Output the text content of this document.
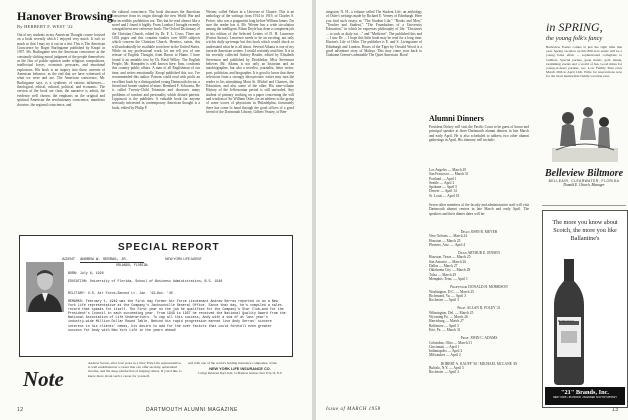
Hanover Browsing
By HERBERT F. WEST '22

Out of my students in my American Thought course focused on a book recently which I enjoyed very much. It isn't so much so that I may try it out on a test. This is The American Conscience by Roger Burlingame published by Knopf in 1957. Mr. Burlingame sees the American conscience as the constantly shifting moral judgment of the people themselves: as the flux of public opinion under religious compulsions, intellectual forces, economic pressures, and emotional explosions. His book is an inquiry into those currents of American behavior, as the end that we have witnessed of what we were and are. The American conscience, Mr. Burlingame says, is a synthesis of various influences—theological, ethical, cultural, political, and economic. The version of the book are clear, the narrative is adroit, the evidence well chosen, the emphasis on the original and spiritual American the revolutionary conscience, manifesto doctrine, the regional conscience, and

the cultural conscience. The book discusses the American conscience from its origin through the new World War and the incredible prohibition era. This but he read almost like a novel and I found it highly. From London I brought recently a magnificent new reference book: The Oxford Dictionary of the Christian Church, edited by Dr. F. L. Cross. There are 1492 pages and this contains studies over 6000 subjects which concern the Christian Church. Heretics, saints, this will undoubtedly be available soon here in the United States. While on my professional work, let me tell you of one reissue of English Thought, from Bacon to Hume. I have found it an amiable text by Dr. Basil Willey. The English People, Mr. Hampden is well known here; Inns, confronts this country public affairs. A man of all Englishman of our time, and writes emotionally. Knopf published this, too. I've recommended this author. Patrons could read with profit an excellent book by a distinguished young Dartmouth doctor, a friend and former student of mine, Bernhard F. Schwartz. He is called Twenty-Child Tetanism and discusses many problems of conduct and personality which disturb parents. Lippincott is the publisher. A valuable book for anyone seriously interested in contemporary American thought is a book, edited by Philip P.

Wiener, called Values in a Universe of Chance. This is an anthology of the writings from 1914 to 1919, of Charles S. Peirce, who was a pragmatist long before William James. I'm sure the reader has it. Mr. Wiener has a wide circulation among the intelligent. Ethan Doyle has done a competent job in his edition of the Selected Letters of D. H. Lawrence (Farrar Straus). Lawrence needs to be an exciting, not only wit-his daily up-tempo but this book which would shock so understand what he is all about. Several Atlanta is one of my favorite American writers. I would certainly read him. It is in his recently collected Aubrey Reader, edited by Elizabeth Stevenson and published by Doubleday. Miss Stevenson believes Mr. Adams is not only an historian and an autobiographer, but also a novelist, journalist, letter writer, poet, politician, and biographer. It is good to know that these selections from a strongly idiosyncratic writer may turn the reader to his stimulating Mont St. Michel and Chartres, the Education, and also some of the other. His nine-volume History of the Jeffersonian period is still unrivaled. Any student of primary working on a paper concerning the will and wisdom of Sir William Osler, for an address to the group of some scores of physicians in Philadelphia, fortunately there has come to hand through the good offices of a good friend of the Dartmouth Library, Gilbert Veazey, of Ben-

SPECIAL REPORT
AGENT ANDREW W. SERRAS, JR.	NEW YORK LIFE AGENT
ORLANDO, FLORIDA
BORN: July 8, 1928
EDUCATION: University of Florida, School of Business Administration, B.S. 1948
MILITARY: U.S. Air Force—Second Lt. Jan. '43—Dec. '45
REMARKS: February 1, 1949 was the first day former Air Force Lieutenant Andrew Serras reported in as a New York Life representative at the Company's Jacksonville General Office. Since that day, he's compiled a sales record that speaks for itself. The first year on the job he qualified for the Company's Star Club—and for the President's Council in each succeeding year. From 1949 to 1957 he received the National Quality Award from the National Association of Life Underwriters. To cap all this success, Andy with a sum of at last year's industry-wide Million Dollar Round Table. Behind his rapid progression earned live Andy Serras' sincere interest in his clients' needs, his desire to add for the over factors that could foretell even greater success for Andy with New York Life in the years ahead!
Note
Andrew Serras, after four years as a New York Life representative, is well established in a career that can offer security, substantial income, and the deep satisfaction of helping others. If you'd like to know more about such a career for yourself,
self with one of the world's leading insurance companies, write:
NEW YORK LIFE INSURANCE CO.
College Relations Dept. D-II, 51 Madison Avenue, New York 10, N.Y.
12	DARTMOUTH ALUMNI MAGAZINE

ningston, N. H., a volume called The Student Life, an anthology of Osler's writings made by Richard E. Verney of Edinburgh. Here you find such essays as "The Student Life," "Books and Men," "Teacher and Student," "The Foundations of a University Education," in which he expresses philosophy of life. "Doctrines ... to such as dialy eat ..." and "Medicine". The published this and ... I saw Dr. ... I hope this little book may be read for a long time. Huston's Life of Osler. The publisher is E. and S. Livingstone of Edinburgh and London. Hours of the Tiger by Oswald Wood is a good adventure story of Malaya. This may come your back to Grahame Greene's admirable The Quiet American. Boos!

Alumni Dinners

President Dickey will visit the Pacific Coast to be guest of honor and principal speaker at three Dartmouth alumni dinners in late March and early April. He is also scheduled to address two other alumni gatherings in April. His itinerary will include:

Los Angeles — March 29
San Francisco — March 31
Portland — April 1
Seattle — April 2
Spokane — April 3
Denver — April 14
St. Louis — April 18

Seven other members of the faculty and administrative staff will visit Dartmouth alumni centers in late March and early April. The speakers and their dinner dates will be:

Dean JOHN R. MEYER
New Orleans — March 24
Houston — March 25
Phoenix, Ariz. — April 4
Dean ARTHUR E. JENSEN
Houston, Texas — March 25
San Antonio — March 26
Dallas — March 27
Oklahoma City — March 28
Tulsa — March 29
Memphis, Tenn. — April 1
Professor DONALD H. MORRISON
Washington, D.C. — March 25
Richmond, Va. — April 3
Rochester — April 3
Prof. ALLAN R. FOLEY '21
Wilmington, Del. — March 25
Wyoming Pa. — March 26
Harrisburg — March 27
Baltimore — April 3
Erie, Pa. — March 31
Prof. JOHN C. ADAMS
Columbus, Ohio — March 31
Cincinnati — April 1
Indianapolis — April 2
Milwaukee — April 2
ROBERT A. KAUFF '30 / MICHAEL MCLANE '49
Buffalo, N.Y. — April 3
Rochester — April 4
in SPRING,
the young folk's fancy
Belleview Easter comes at just the right time this year. Spring vacation on this 800-acre estate will be a young folks affair ... sophisticated collegians to toddlers. Special parties, great music, golf, tennis, swimming events and a world of fun. Good times for young-at-heart parents, too. Low Family Plan rates March 29th to April 12th. Write for reservations now for the most memorable family vacation ever.
Belleview Biltmore
BELLEAIR, CLEARWATER, FLORIDA
Donald E. Church, Manager
The more you know about Scotch, the more you like Ballantine's
Ballantine's
"21" Brands, Inc.
NEW YORK • 86 PROOF • BLENDED SCOTCH WHISKY
Issue of MARCH 1958	13
